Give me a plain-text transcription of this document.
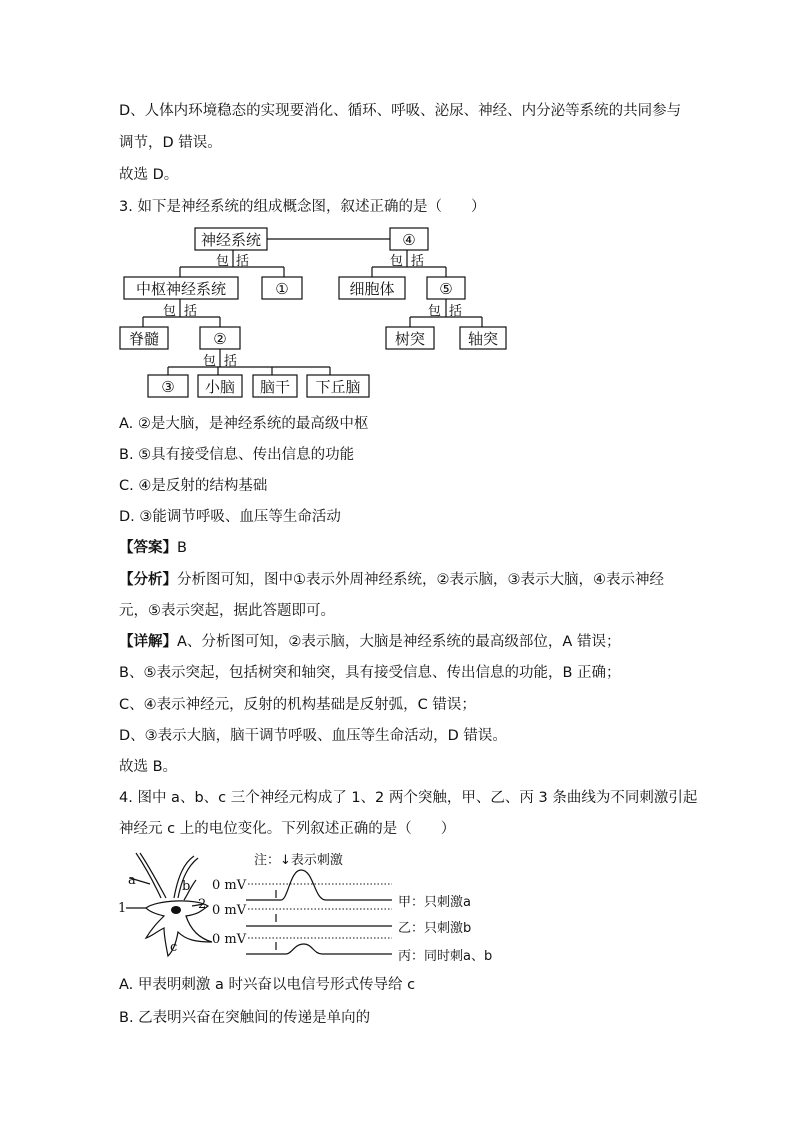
D、人体内环境稳态的实现要消化、循环、呼吸、泌尿、神经、内分泌等系统的共同参与
调节，D 错误。
故选 D。
3. 如下是神经系统的组成概念图，叙述正确的是（　　）
包 括	包 括
包 括	包 括
包 括
神经系统	④
中枢神经系统	①	细胞体	⑤
脊髓	②	树突	轴突
③ 小脑 脑干 下丘脑
A. ②是大脑，是神经系统的最高级中枢
B. ⑤具有接受信息、传出信息的功能
C. ④是反射的结构基础
D. ③能调节呼吸、血压等生命活动
【答案】B
【分析】分析图可知，图中①表示外周神经系统，②表示脑，③表示大脑，④表示神经
元，⑤表示突起，据此答题即可。
【详解】A、分析图可知，②表示脑，大脑是神经系统的最高级部位，A 错误；
B、⑤表示突起，包括树突和轴突，具有接受信息、传出信息的功能，B 正确；
C、④表示神经元，反射的机构基础是反射弧，C 错误；
D、③表示大脑，脑干调节呼吸、血压等生命活动，D 错误。
故选 B。
4. 图中 a、b、c 三个神经元构成了 1、2 两个突触，甲、乙、丙 3 条曲线为不同刺激引起
神经元 c 上的电位变化。下列叙述正确的是（　　）
a	b
c
1	2
注：↓表示刺激
0 mV
0 mV
0 mV
甲：只刺激a
乙：只刺激b
丙：同时刺a、b
A. 甲表明刺激 a 时兴奋以电信号形式传导给 c
B. 乙表明兴奋在突触间的传递是单向的
